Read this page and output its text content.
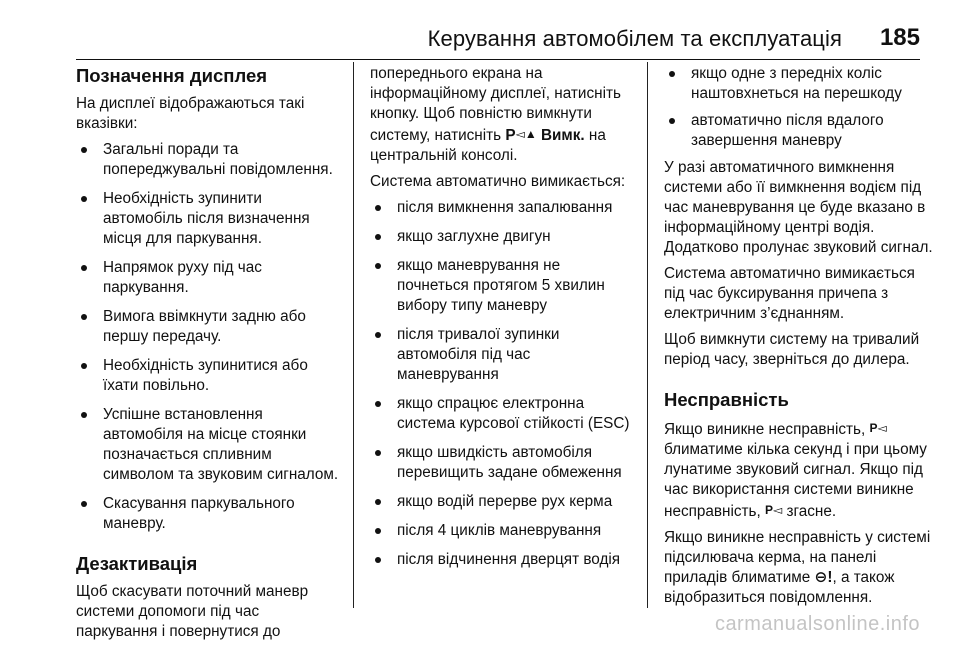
Керування автомобілем та експлуатація 185
Позначення дисплея
На дисплеї відображаються такі вказівки:
Загальні поради та попереджувальні повідомлення.
Необхідність зупинити автомобіль після визначення місця для паркування.
Напрямок руху під час паркування.
Вимога ввімкнути задню або першу передачу.
Необхідність зупинитися або їхати повільно.
Успішне встановлення автомобіля на місце стоянки позначається спливним символом та звуковим сигналом.
Скасування паркувального маневру.
Дезактивація
Щоб скасувати поточний маневр системи допомоги під час паркування і повернутися до
попереднього екрана на інформаційному дисплеї, натисніть кнопку. Щоб повністю вимкнути систему, натисніть P◅▲ Вимк. на центральній консолі.
Система автоматично вимикається:
після вимкнення запалювання
якщо заглухне двигун
якщо маневрування не почнеться протягом 5 хвилин вибору типу маневру
після тривалої зупинки автомобіля під час маневрування
якщо спрацює електронна система курсової стійкості (ESC)
якщо швидкість автомобіля перевищить задане обмеження
якщо водій перерве рух керма
після 4 циклів маневрування
після відчинення дверцят водія
якщо одне з передніх коліс наштовхнеться на перешкоду
автоматично після вдалого завершення маневру
У разі автоматичного вимкнення системи або її вимкнення водієм під час маневрування це буде вказано в інформаційному центрі водія. Додатково пролунає звуковий сигнал.
Система автоматично вимикається під час буксирування причепа з електричним з’єднанням.
Щоб вимкнути систему на тривалий період часу, зверніться до дилера.
Несправність
Якщо виникне несправність, P◅ блиматиме кілька секунд і при цьому лунатиме звуковий сигнал. Якщо під час використання системи виникне несправність, P◅ згасне.
Якщо виникне несправність у системі підсилювача керма, на панелі приладів блиматиме ⊖!, а також відобразиться повідомлення.
carmanualsonline.info
